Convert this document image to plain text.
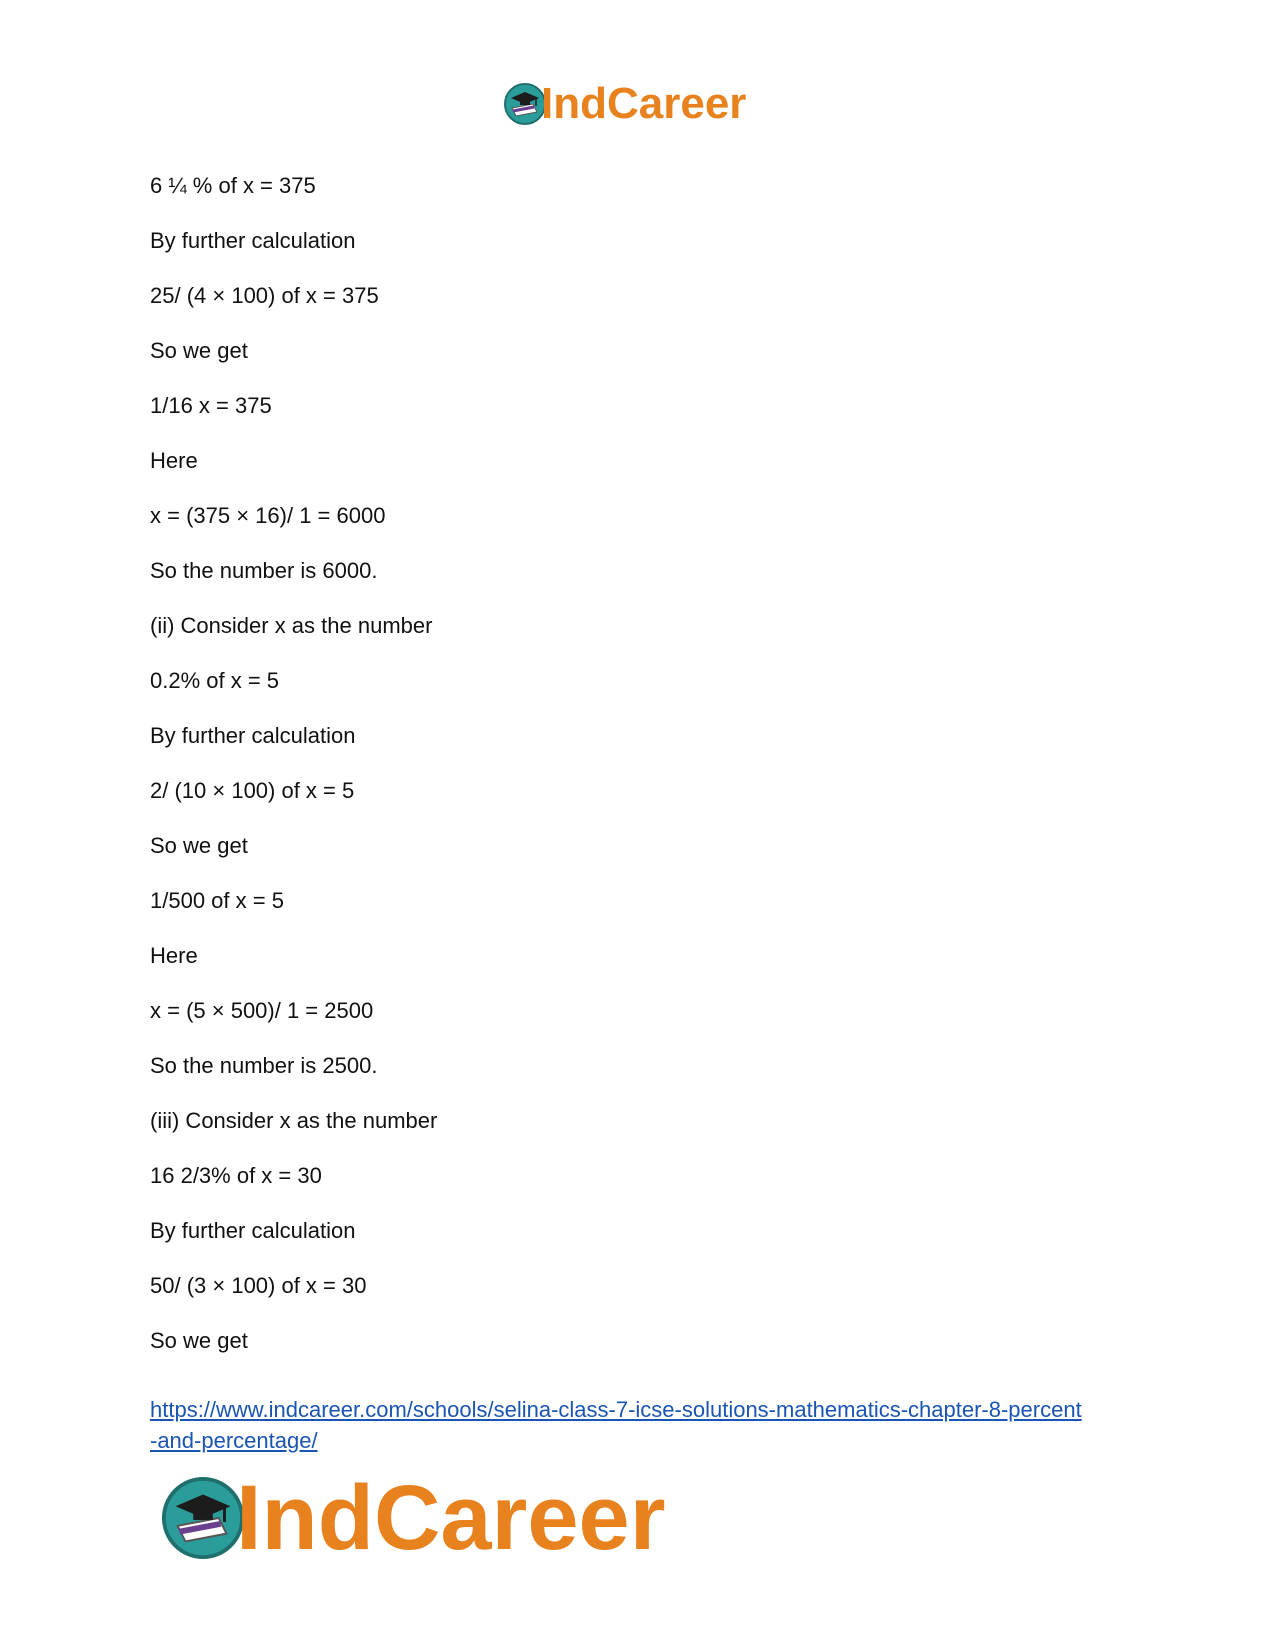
IndCareer
6 ¼ % of x = 375
By further calculation
25/ (4 × 100) of x = 375
So we get
1/16 x = 375
Here
x = (375 × 16)/ 1 = 6000
So the number is 6000.
(ii) Consider x as the number
0.2% of x = 5
By further calculation
2/ (10 × 100) of x = 5
So we get
1/500 of x = 5
Here
x = (5 × 500)/ 1 = 2500
So the number is 2500.
(iii) Consider x as the number
16 2/3% of x = 30
By further calculation
50/ (3 × 100) of x = 30
So we get
https://www.indcareer.com/schools/selina-class-7-icse-solutions-mathematics-chapter-8-percent
-and-percentage/
IndCareer
